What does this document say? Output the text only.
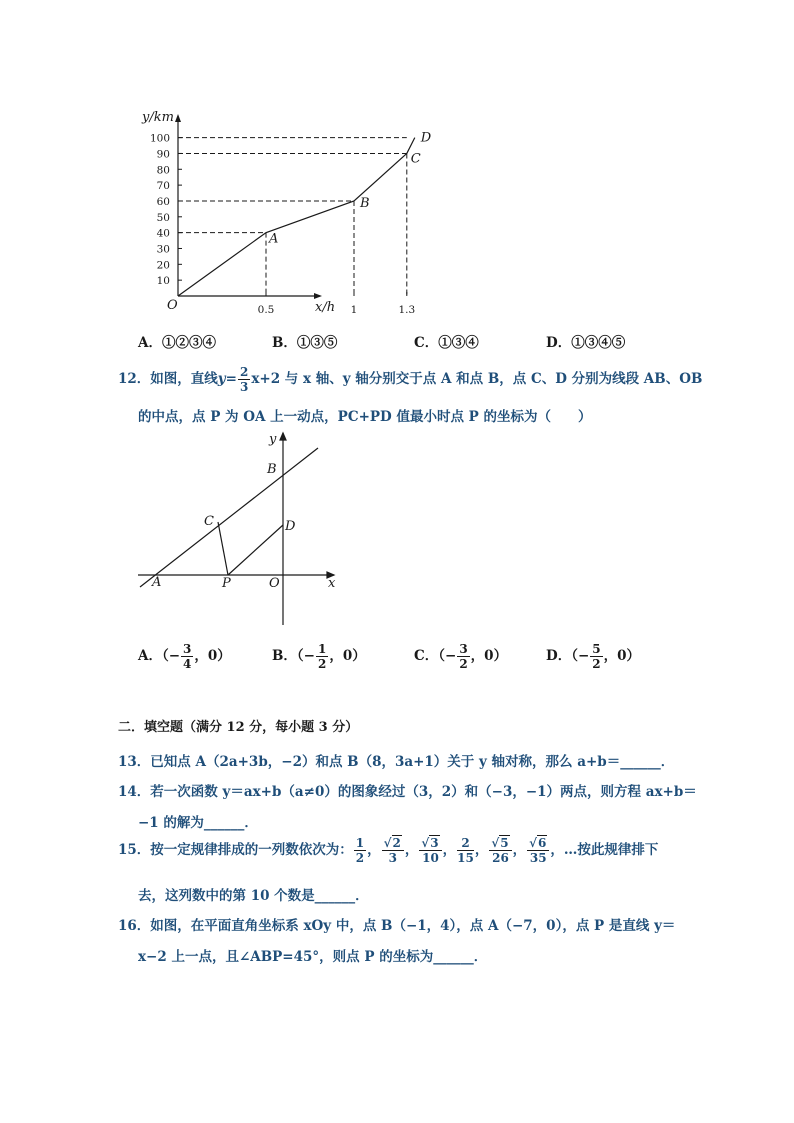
y/km
x/h
O
10
20
30
40
50
60
70
80
90
100
0.5	1	1.3
A
B
C
D
A．①②③④	B．①③⑤	C．①③④	D．①③④⑤
12．如图，直线$y= \frac{2}{3} x+2$ 与 x 轴、y 轴分别交于点 A 和点 B，点 C、D 分别为线段 AB、OB
的中点，点 P 为 OA 上一动点，PC+PD 值最小时点 P 的坐标为（　　）
y
B
C	D
A	P	O	x
A．（− $\frac{3}{4}$ ，0）	B．（− $\frac{1}{2}$ ，0）	C．（− $\frac{3}{2}$ ，0）	D．（− $\frac{5}{2}$ ，0）
二．填空题（满分 12 分，每小题 3 分）
13．已知点 A（2a+3b，−2）和点 B（8，3a+1）关于 y 轴对称，那么 a+b＝______．
14．若一次函数 y＝ax+b（a≠0）的图象经过（3，2）和（−3，−1）两点，则方程 ax+b＝
−1 的解为______．
15．按一定规律排成的一列数依次为： $\frac{1}{2}$ ， $\frac{√2}{3}$ ， $\frac{√3}{10}$ ， $\frac{2}{15}$ ， $\frac{√5}{26}$ ， $\frac{√6}{35}$ ，…按此规律排下
去，这列数中的第 10 个数是______．
16．如图，在平面直角坐标系 xOy 中，点 B（−1，4），点 A（−7，0），点 P 是直线 y＝
x−2 上一点，且∠ABP=45°，则点 P 的坐标为______．
